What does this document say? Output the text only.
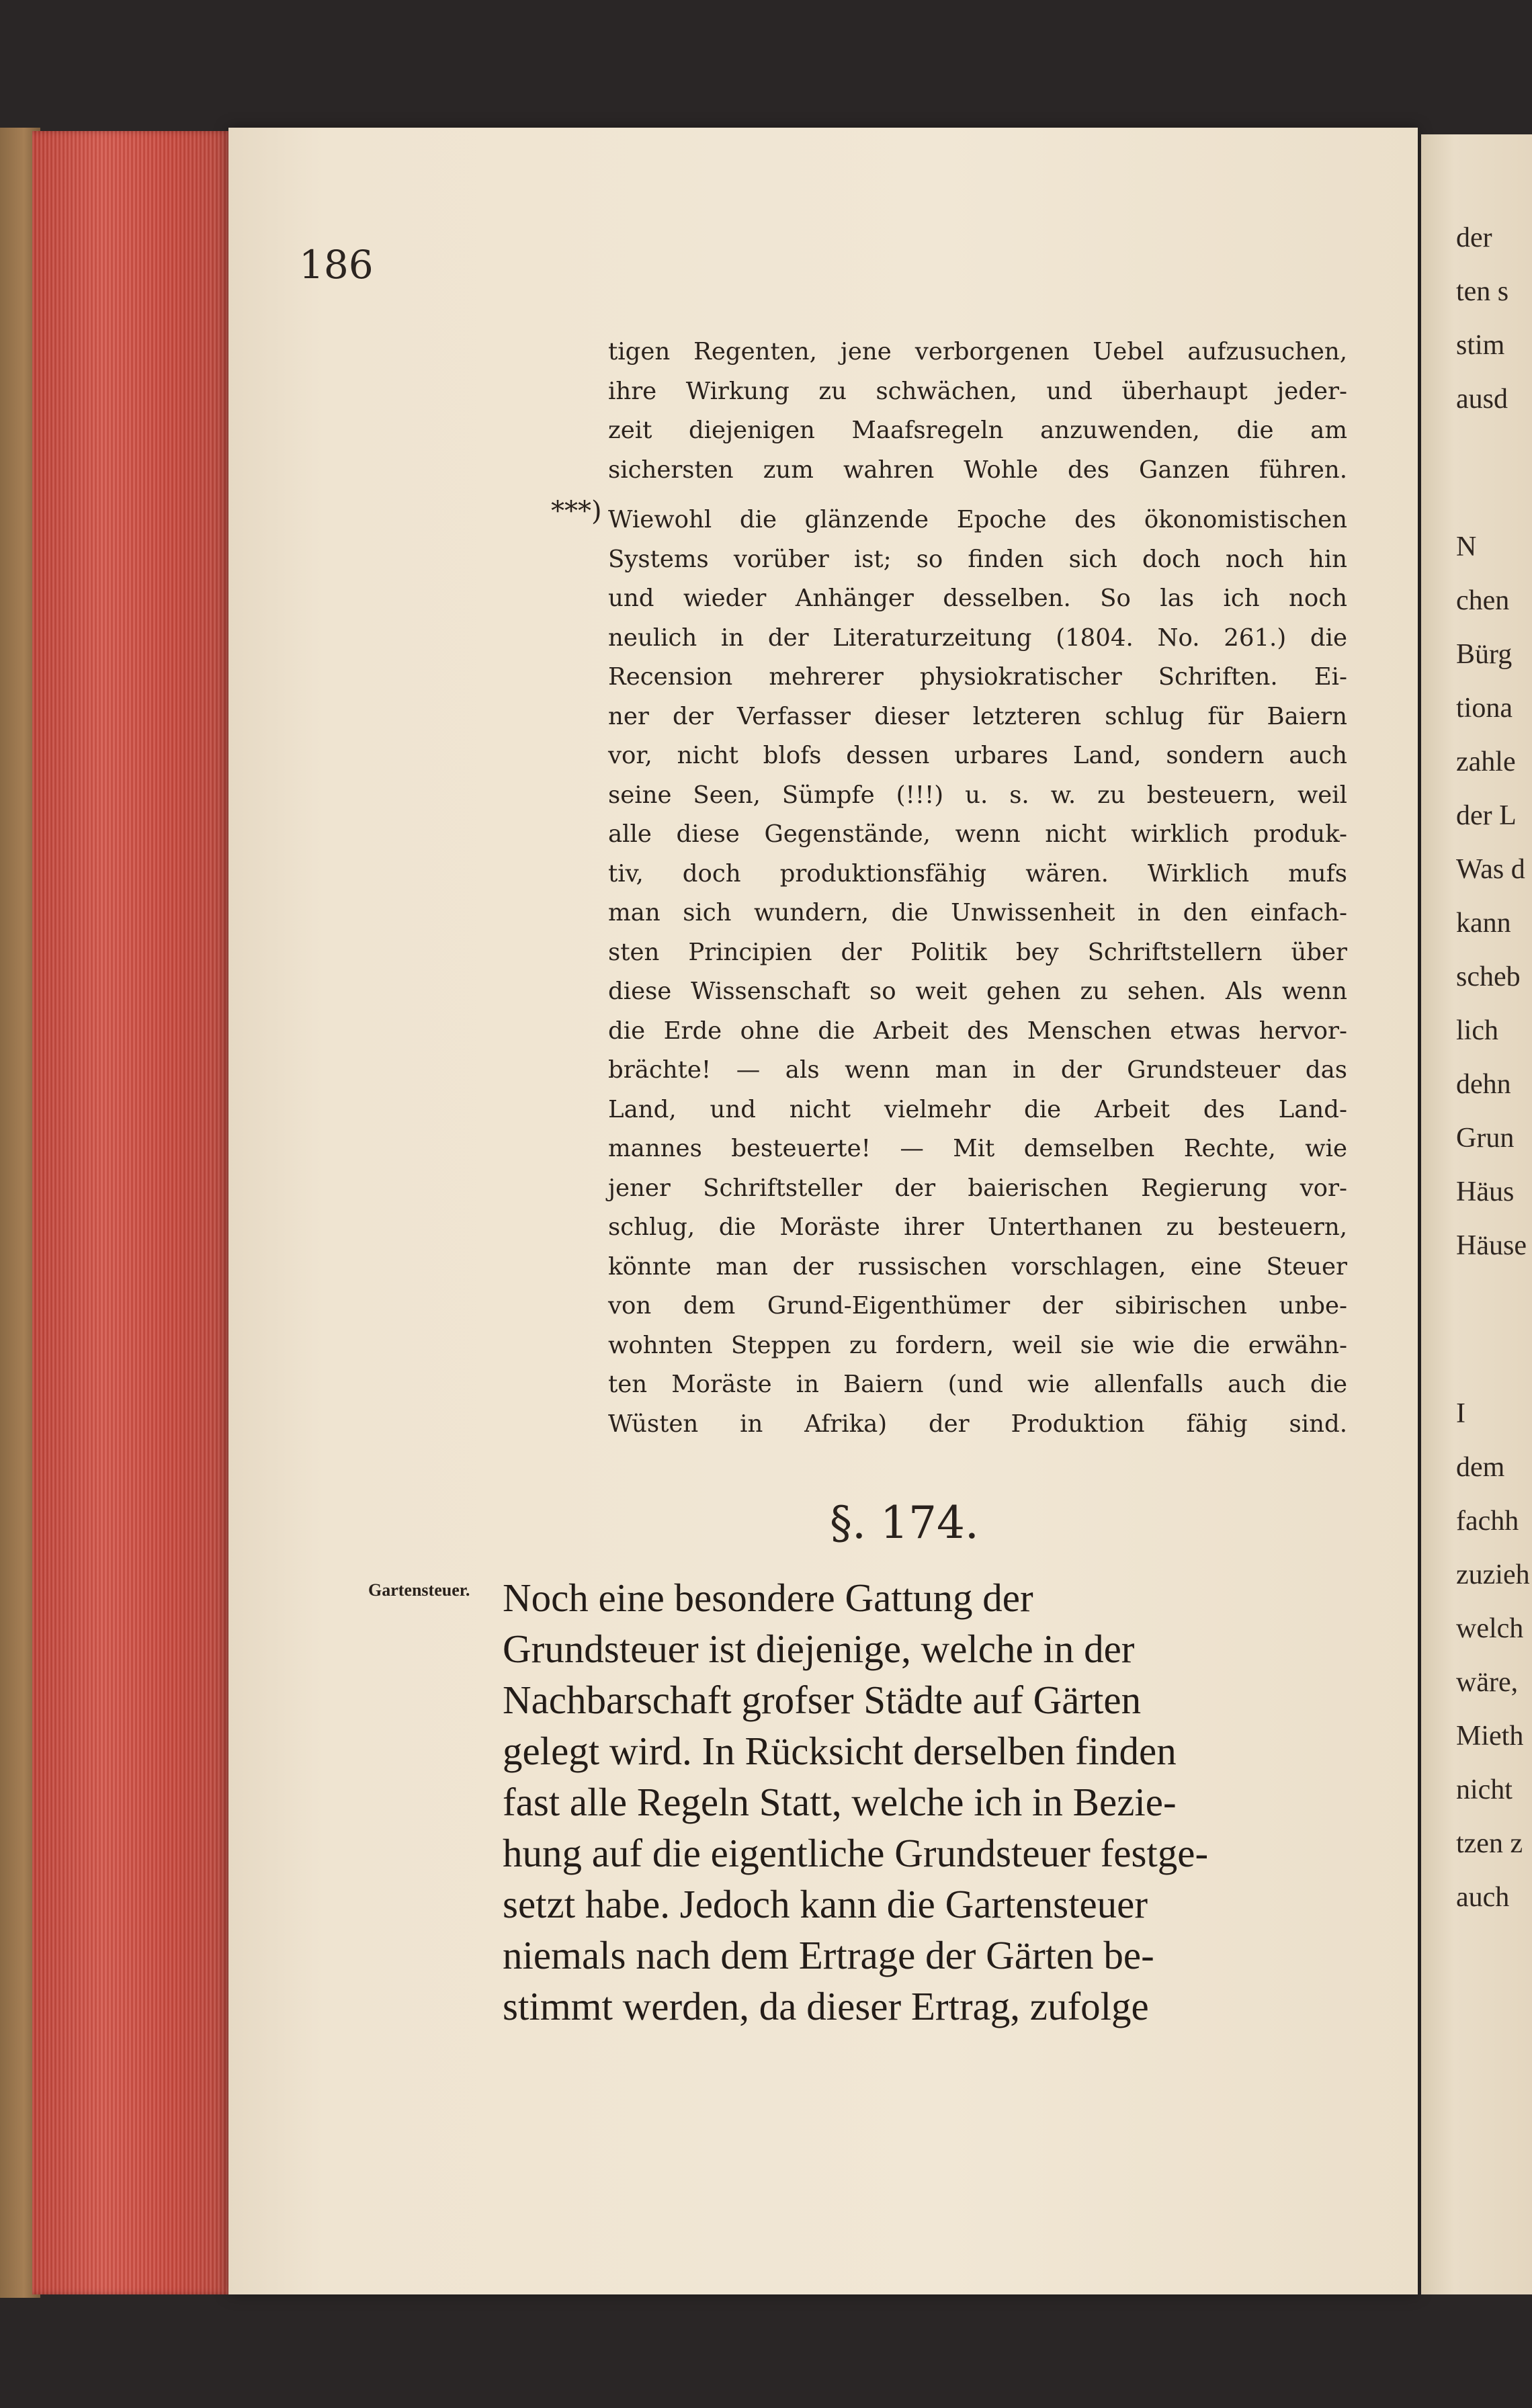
der
ten s
stim
ausd
N
chen
Bürg
tiona
zahle
der L
Was d
kann
scheb
lich
dehn
Grun
Häus
Häuse
I
dem
fachh
zuzieh
welch
wäre,
Mieth
nicht
tzen z
auch
186
tigen Regenten, jene verborgenen Uebel aufzusuchen,
ihre Wirkung zu schwächen, und überhaupt jeder-
zeit diejenigen Maafsregeln anzuwenden, die am
sichersten zum wahren Wohle des Ganzen führen.
***) Wiewohl die glänzende Epoche des ökonomistischen
Systems vorüber ist; so finden sich doch noch hin
und wieder Anhänger desselben. So las ich noch
neulich in der Literaturzeitung (1804. No. 261.) die
Recension mehrerer physiokratischer Schriften. Ei-
ner der Verfasser dieser letzteren schlug für Baiern
vor, nicht blofs dessen urbares Land, sondern auch
seine Seen, Sümpfe (!!!) u. s. w. zu besteuern, weil
alle diese Gegenstände, wenn nicht wirklich produk-
tiv, doch produktionsfähig wären. Wirklich mufs
man sich wundern, die Unwissenheit in den einfach-
sten Principien der Politik bey Schriftstellern über
diese Wissenschaft so weit gehen zu sehen. Als wenn
die Erde ohne die Arbeit des Menschen etwas hervor-
brächte! — als wenn man in der Grundsteuer das
Land, und nicht vielmehr die Arbeit des Land-
mannes besteuerte! — Mit demselben Rechte, wie
jener Schriftsteller der baierischen Regierung vor-
schlug, die Moräste ihrer Unterthanen zu besteuern,
könnte man der russischen vorschlagen, eine Steuer
von dem Grund-Eigenthümer der sibirischen unbe-
wohnten Steppen zu fordern, weil sie wie die erwähn-
ten Moräste in Baiern (und wie allenfalls auch die
Wüsten in Afrika) der Produktion fähig sind.
§. 174.
Gartensteuer. Noch eine besondere Gattung der
Grundsteuer ist diejenige, welche in der
Nachbarschaft grofser Städte auf Gärten
gelegt wird. In Rücksicht derselben finden
fast alle Regeln Statt, welche ich in Bezie-
hung auf die eigentliche Grundsteuer festge-
setzt habe. Jedoch kann die Gartensteuer
niemals nach dem Ertrage der Gärten be-
stimmt werden, da dieser Ertrag, zufolge
